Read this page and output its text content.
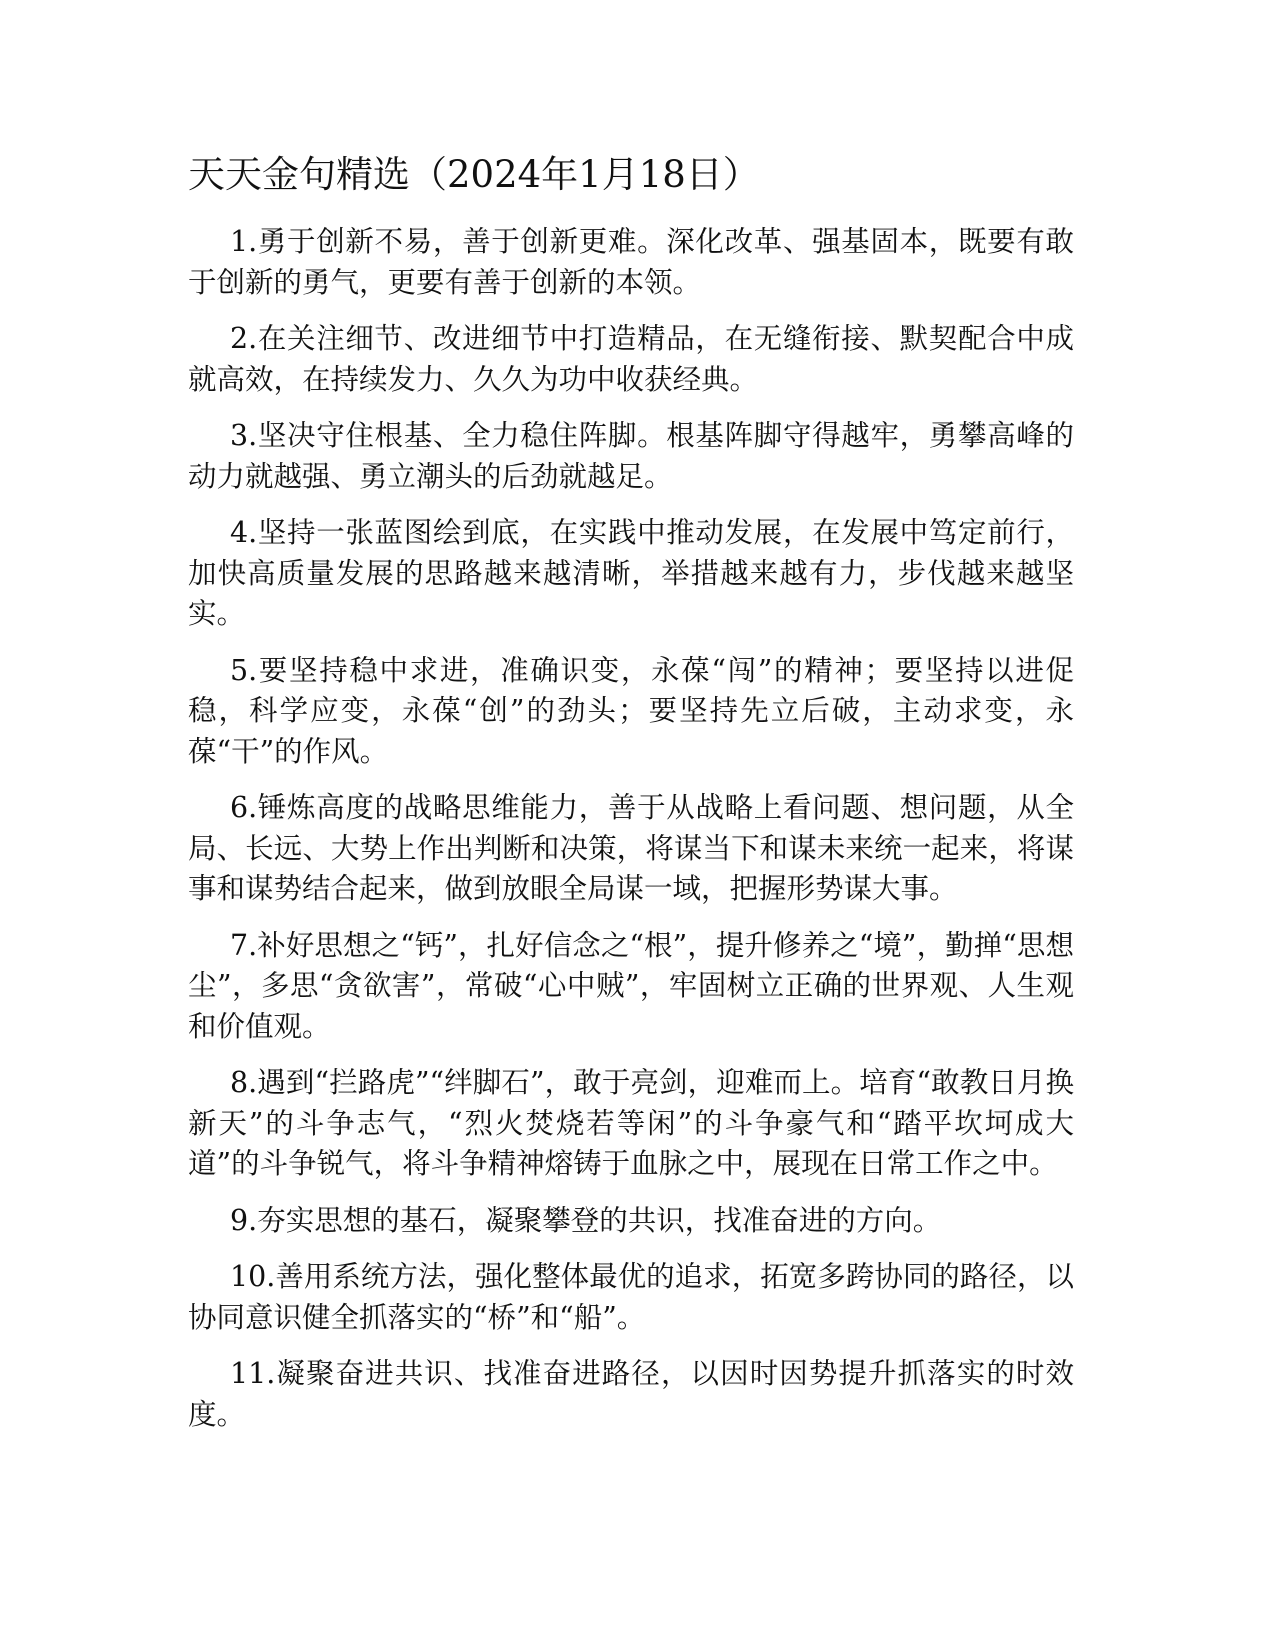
天天金句精选（2024年1月18日）

1.勇于创新不易，善于创新更难。深化改革、强基固本，既要有敢于创新的勇气，更要有善于创新的本领。

2.在关注细节、改进细节中打造精品，在无缝衔接、默契配合中成就高效，在持续发力、久久为功中收获经典。

3.坚决守住根基、全力稳住阵脚。根基阵脚守得越牢，勇攀高峰的动力就越强、勇立潮头的后劲就越足。

4.坚持一张蓝图绘到底，在实践中推动发展，在发展中笃定前行，加快高质量发展的思路越来越清晰，举措越来越有力，步伐越来越坚实。

5.要坚持稳中求进，准确识变，永葆“闯”的精神；要坚持以进促稳，科学应变，永葆“创”的劲头；要坚持先立后破，主动求变，永葆“干”的作风。

6.锤炼高度的战略思维能力，善于从战略上看问题、想问题，从全局、长远、大势上作出判断和决策，将谋当下和谋未来统一起来，将谋事和谋势结合起来，做到放眼全局谋一域，把握形势谋大事。

7.补好思想之“钙”，扎好信念之“根”，提升修养之“境”，勤掸“思想尘”，多思“贪欲害”，常破“心中贼”，牢固树立正确的世界观、人生观和价值观。

8.遇到“拦路虎”“绊脚石”，敢于亮剑，迎难而上。培育“敢教日月换新天”的斗争志气，“烈火焚烧若等闲”的斗争豪气和“踏平坎坷成大道”的斗争锐气，将斗争精神熔铸于血脉之中，展现在日常工作之中。

9.夯实思想的基石，凝聚攀登的共识，找准奋进的方向。

10.善用系统方法，强化整体最优的追求，拓宽多跨协同的路径，以协同意识健全抓落实的“桥”和“船”。

11.凝聚奋进共识、找准奋进路径，以因时因势提升抓落实的时效度。
